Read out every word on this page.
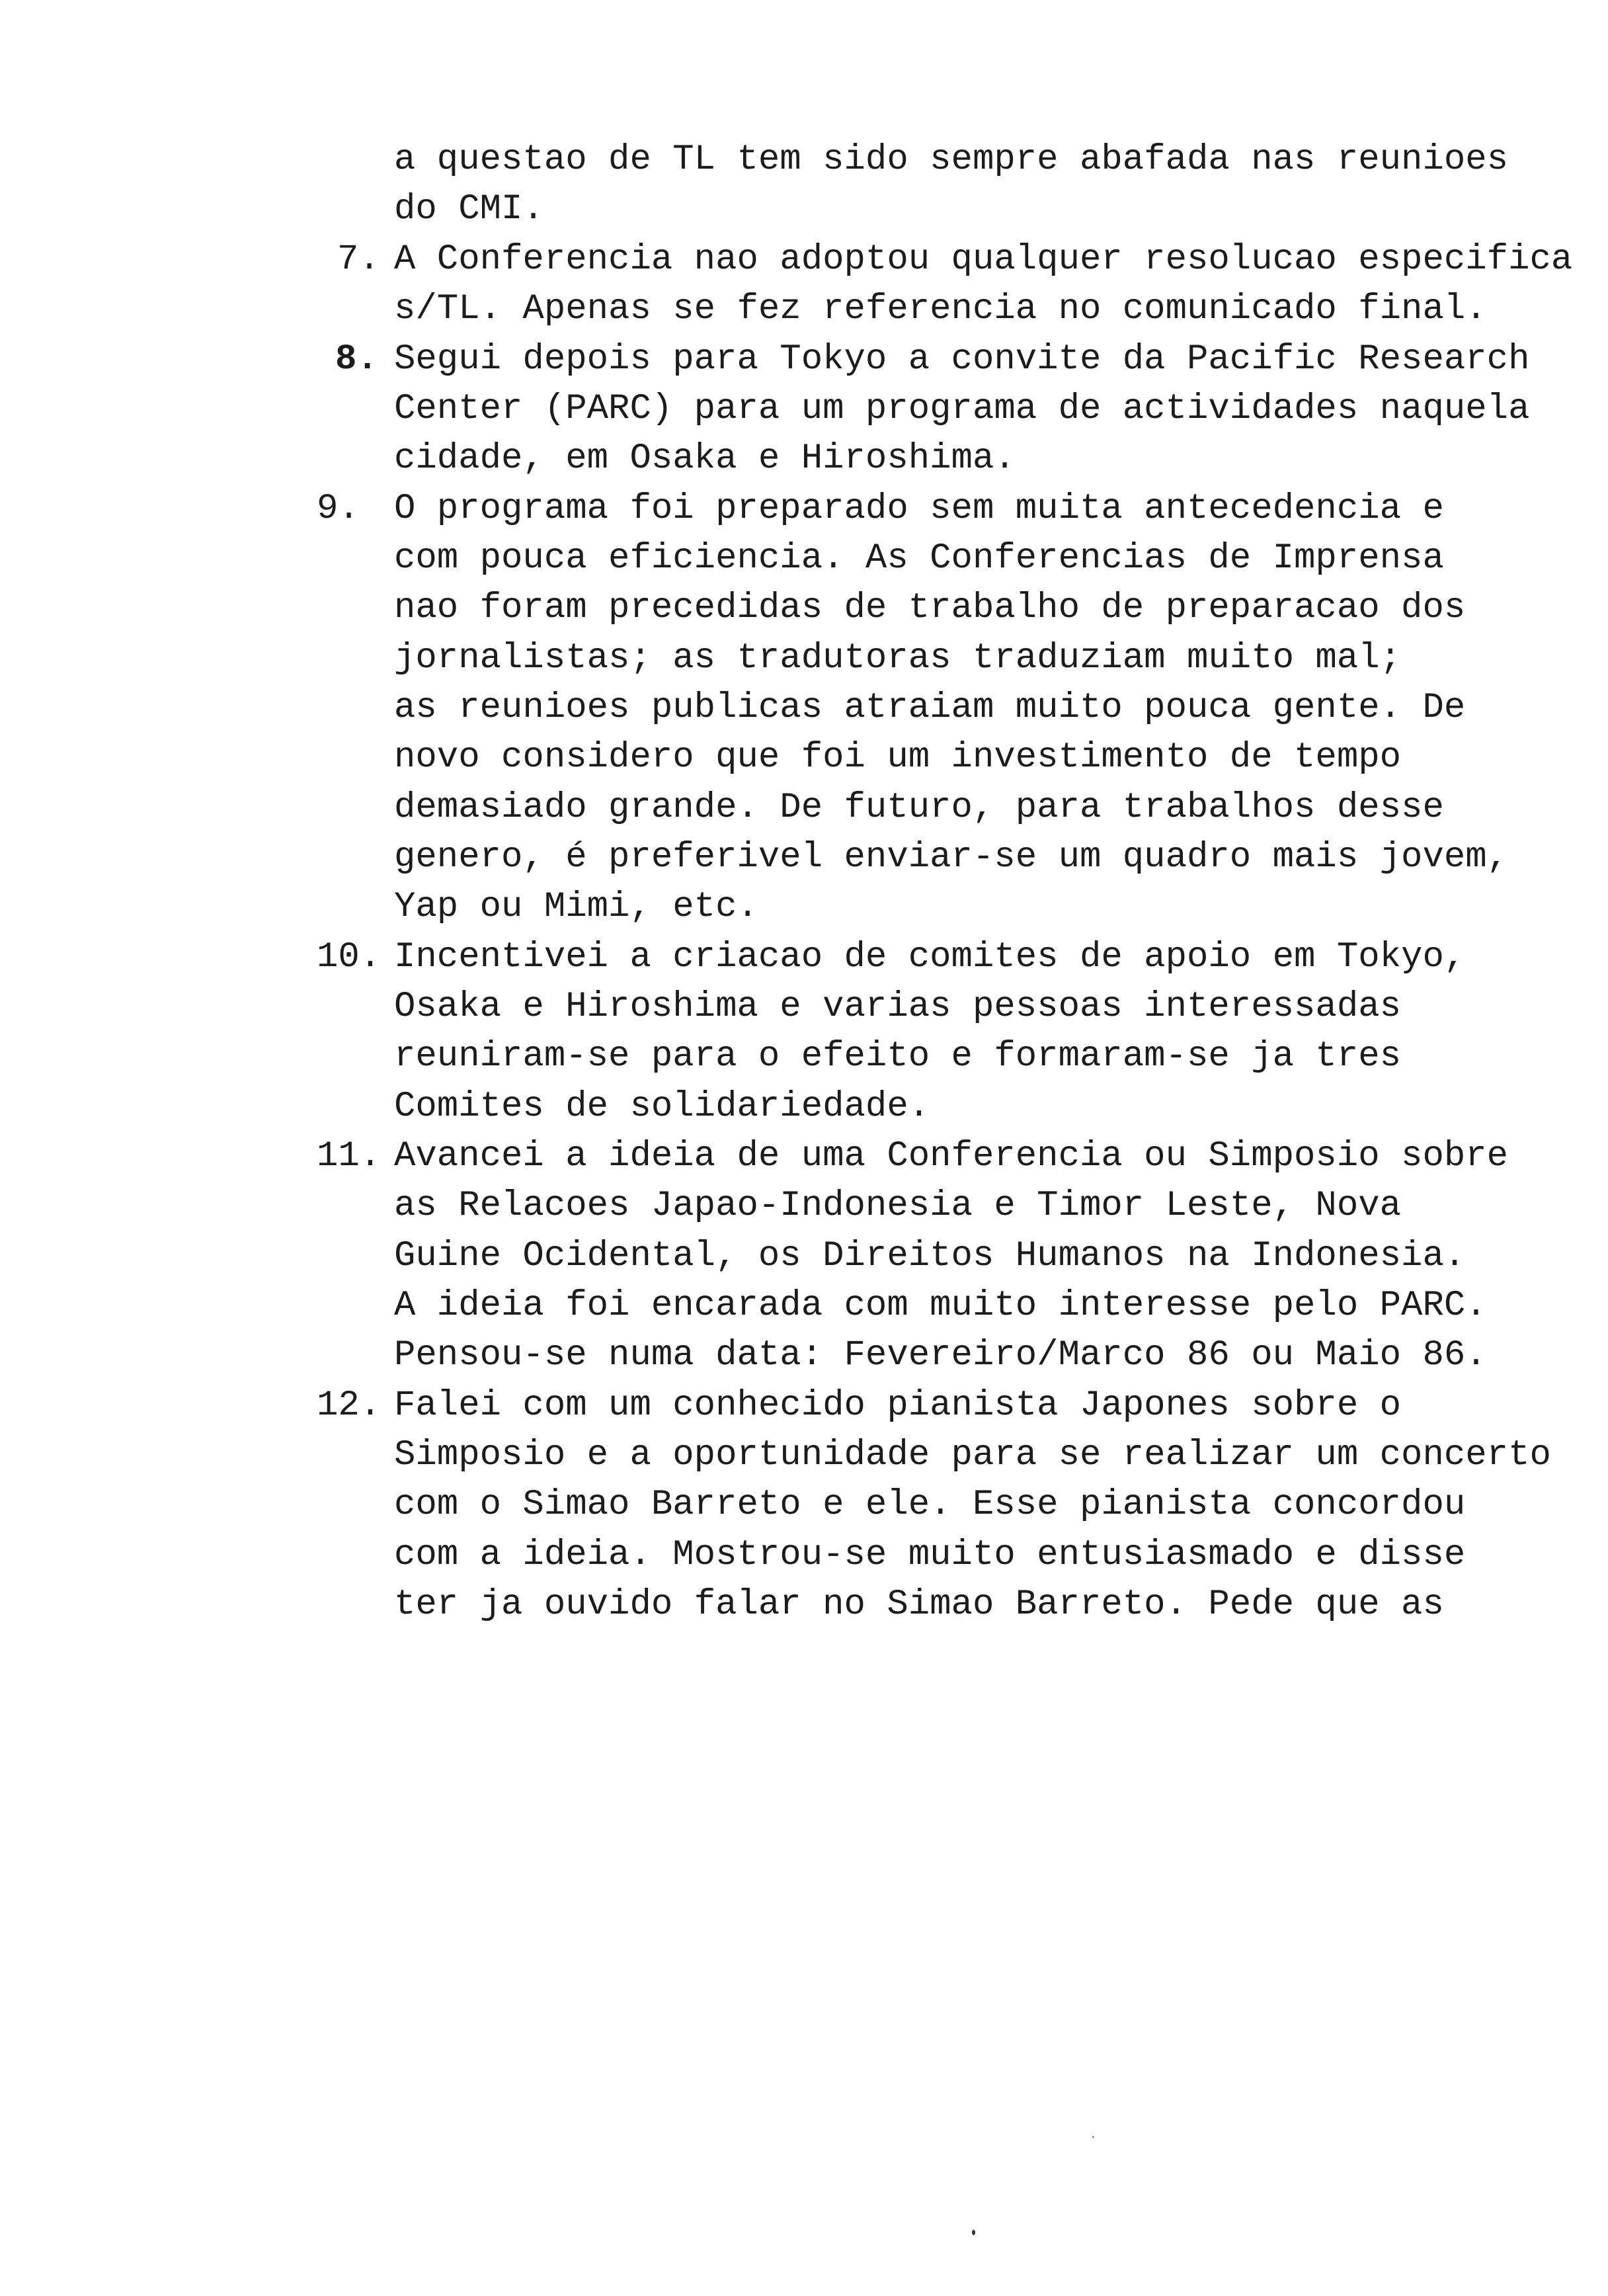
a questao de TL tem sido sempre abafada nas reunioes
do CMI.
7. A Conferencia nao adoptou qualquer resolucao especifica
s/TL. Apenas se fez referencia no comunicado final.
8. Segui depois para Tokyo a convite da Pacific Research
Center (PARC) para um programa de actividades naquela
cidade, em Osaka e Hiroshima.
9. O programa foi preparado sem muita antecedencia e
com pouca eficiencia. As Conferencias de Imprensa
nao foram precedidas de trabalho de preparacao dos
jornalistas; as tradutoras traduziam muito mal;
as reunioes publicas atraiam muito pouca gente. De
novo considero que foi um investimento de tempo
demasiado grande. De futuro, para trabalhos desse
genero, é preferivel enviar-se um quadro mais jovem,
Yap ou Mimi, etc.
10. Incentivei a criacao de comites de apoio em Tokyo,
Osaka e Hiroshima e varias pessoas interessadas
reuniram-se para o efeito e formaram-se ja tres
Comites de solidariedade.
11. Avancei a ideia de uma Conferencia ou Simposio sobre
as Relacoes Japao-Indonesia e Timor Leste, Nova
Guine Ocidental, os Direitos Humanos na Indonesia.
A ideia foi encarada com muito interesse pelo PARC.
Pensou-se numa data: Fevereiro/Marco 86 ou Maio 86.
12. Falei com um conhecido pianista Japones sobre o
Simposio e a oportunidade para se realizar um concerto
com o Simao Barreto e ele. Esse pianista concordou
com a ideia. Mostrou-se muito entusiasmado e disse
ter ja ouvido falar no Simao Barreto. Pede que as
